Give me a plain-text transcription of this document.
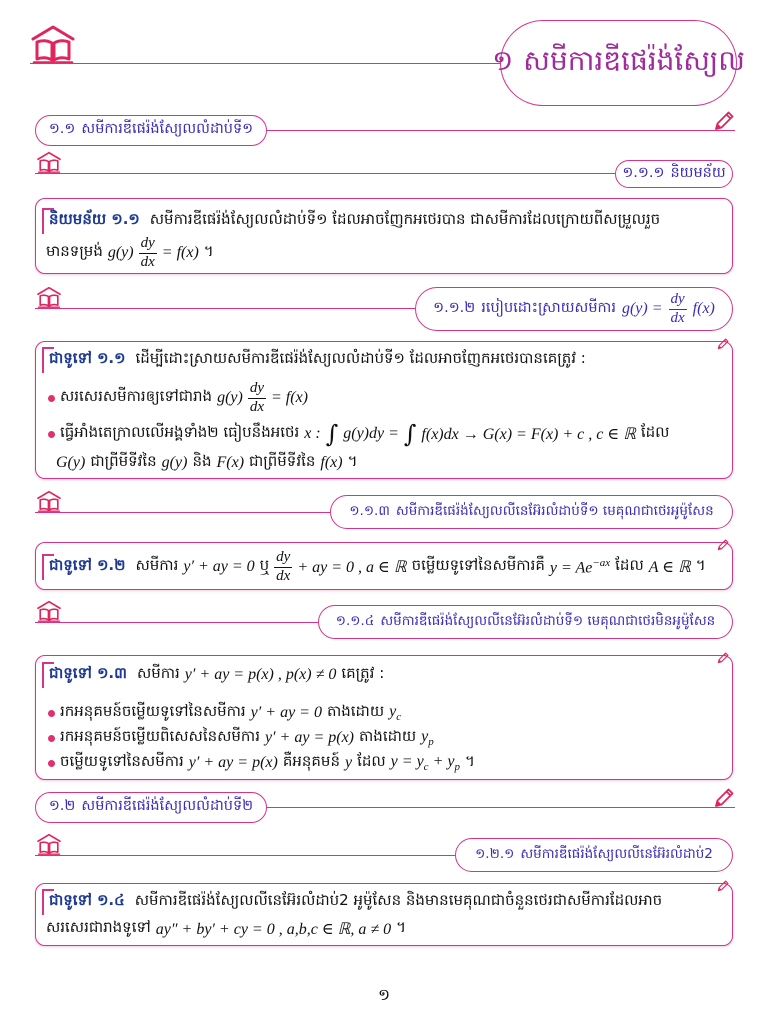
១ សមីការឌីផេរ៉ង់ស្យែល
១.១ សមីការឌីផេរ៉ង់ស្យែលលំដាប់ទី១
១.១.១ និយមន័យ
និយមន័យ ១.១ សមីការឌីផេរ៉ង់ស្យែលលំដាប់ទី១ ដែលអាចញែកអថេរបាន ជាសមីការដែលក្រោយពីសម្រួលរួច
មានទម្រង់ $g(y) \frac{dy}{dx} = f(x)$ ។
១.១.២ របៀបដោះស្រាយសមីការ $g(y) = \frac{dy}{dx} f(x)$
ជាទូទៅ ១.១ ដើម្បីដោះស្រាយសមីការឌីផេរ៉ង់ស្យែលលំដាប់ទី១ ដែលអាចញែកអថេរបានគេត្រូវ :
សរសេរសមីការឲ្យទៅជារាង $g(y) \frac{dy}{dx} = f(x)$
ធ្វើអាំងតេក្រាលលើអង្គទាំង២ ធៀបនឹងអថេរ x : ∫ g(y)dy = ∫ f(x)dx → G(x) = F(x) + c , c ∈ ℝ ដែល
G(y) ជាព្រីមីទីវនៃ g(y) និង F(x) ជាព្រីមីទីវនៃ f(x) ។
១.១.៣ សមីការឌីផេរ៉ង់ស្យែលលីនេអ៊ែរលំដាប់ទី១ មេគុណជាថេរអូម៉ូសែន
ជាទូទៅ ១.២ សមីការ y′ + ay = 0 ឬ $\frac{dy}{dx}$ + ay = 0 , a ∈ ℝ ចម្លើយទូទៅនៃសមីការគឺ $y = Ae^{-ax}$ ដែល A ∈ ℝ ។
១.១.៤ សមីការឌីផេរ៉ង់ស្យែលលីនេអ៊ែរលំដាប់ទី១ មេគុណជាថេរមិនអូម៉ូសែន
ជាទូទៅ ១.៣ សមីការ y′ + ay = p(x) , p(x) ≠ 0 គេត្រូវ :
រកអនុគមន៍ចម្លើយទូទៅនៃសមីការ y′ + ay = 0 តាងដោយ $y_c$
រកអនុគមន៍ចម្លើយពិសេសនៃសមីការ y′ + ay = p(x) តាងដោយ $y_p$
ចម្លើយទូទៅនៃសមីការ y′ + ay = p(x) គឺអនុគមន៍ y ដែល $y = y_c + y_p$ ។
១.២ សមីការឌីផេរ៉ង់ស្យែលលំដាប់ទី២
១.២.១ សមីការឌីផេរ៉ង់ស្យែលលីនេអ៊ែរលំដាប់2
ជាទូទៅ ១.៤ សមីការឌីផេរ៉ង់ស្យែលលីនេអ៊ែរលំដាប់2 អូម៉ូសែន និងមានមេគុណជាចំនួនថេរជាសមីការដែលអាច
សរសេរជារាងទូទៅ ay″ + by′ + cy = 0 , a,b,c ∈ ℝ, a ≠ 0 ។
១
